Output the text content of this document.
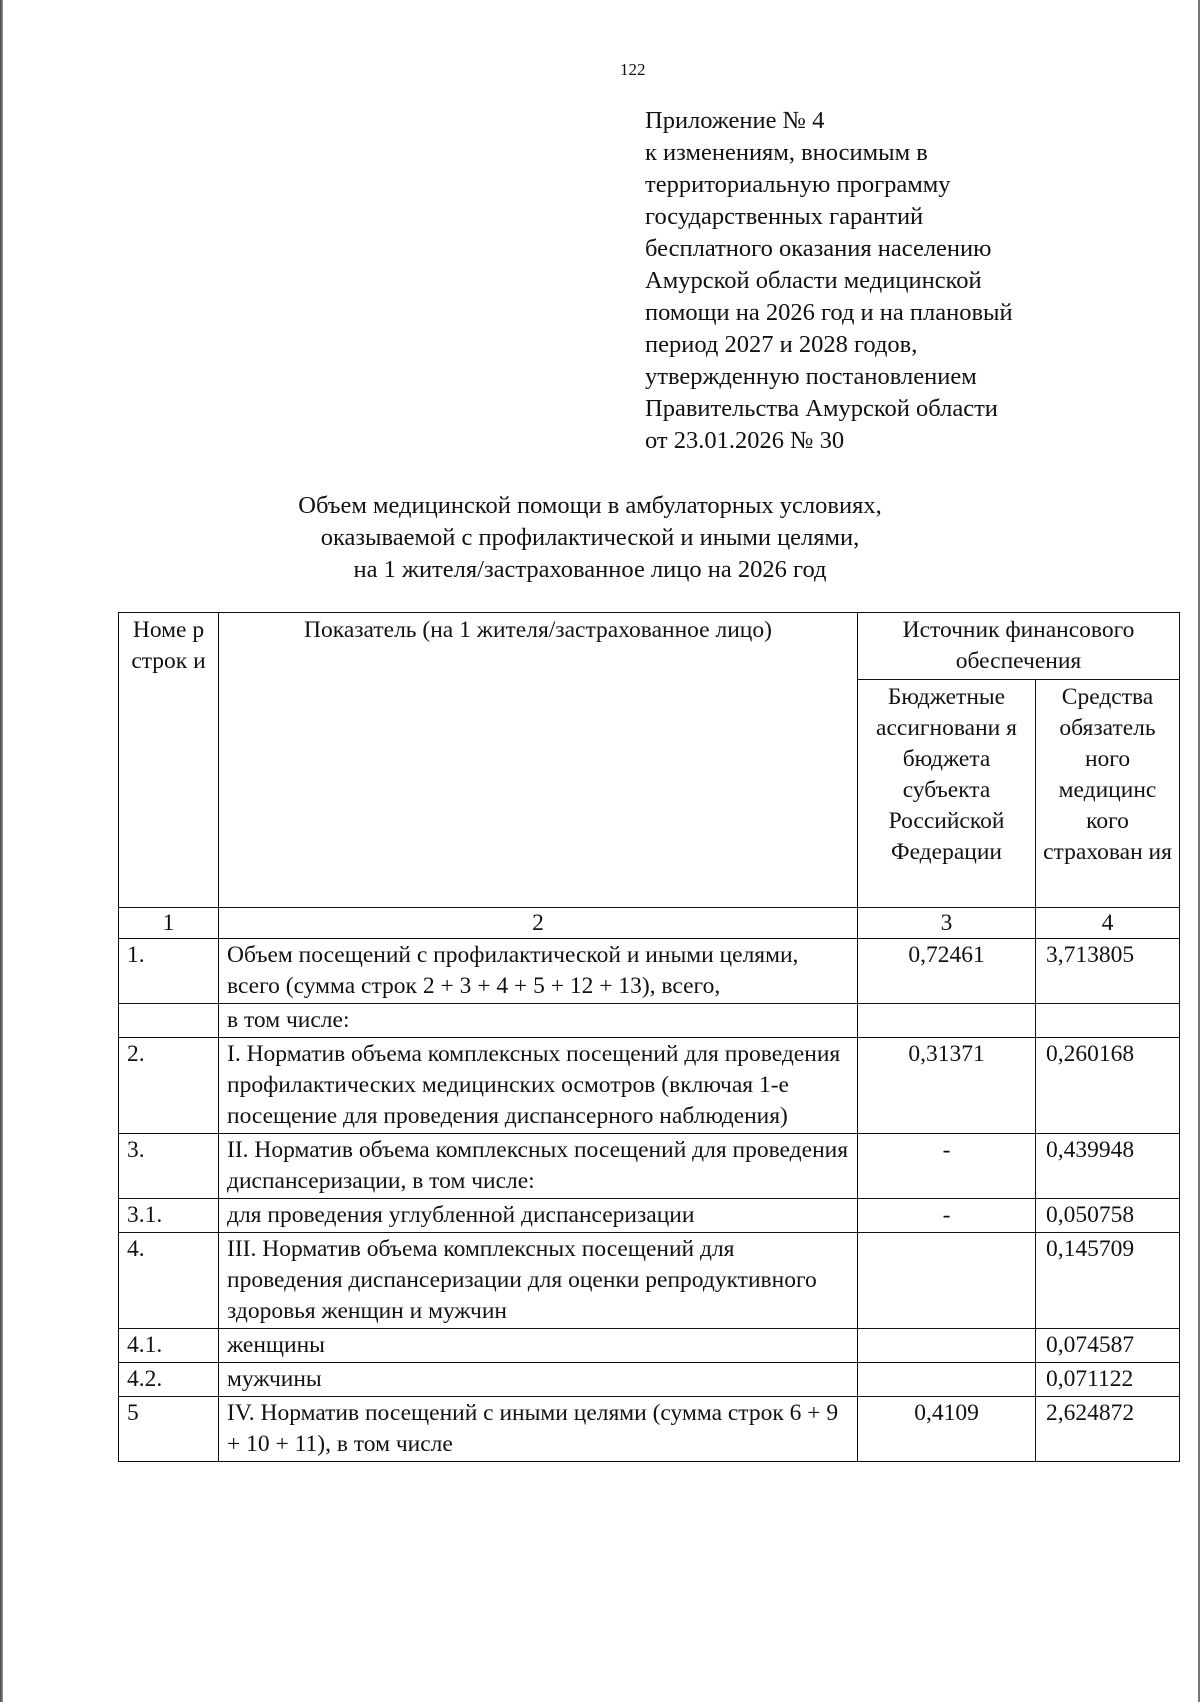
122
Приложение № 4
к изменениям, вносимым в
территориальную программу
государственных гарантий
бесплатного оказания населению
Амурской области медицинской
помощи на 2026 год и на плановый
период 2027 и 2028 годов,
утвержденную постановлением
Правительства Амурской области
от 23.01.2026 № 30
Объем медицинской помощи в амбулаторных условиях,
оказываемой с профилактической и иными целями,
на 1 жителя/застрахованное лицо на 2026 год
Номе р строк и	Показатель (на 1 жителя/застрахованное лицо)	Источник финансового обеспечения	
		Бюджетные ассигновани я бюджета субъекта Российской Федерации	Средства обязатель ного медицинс кого страхован ия
1	2	3	4
1.	Объем посещений с профилактической и иными целями, всего (сумма строк 2 + 3 + 4 + 5 + 12 + 13), всего,	0,72461	3,713805
	в том числе:		
2.	I. Норматив объема комплексных посещений для проведения профилактических медицинских осмотров (включая 1-е посещение для проведения диспансерного наблюдения)	0,31371	0,260168
3.	II. Норматив объема комплексных посещений для проведения диспансеризации, в том числе:	-	0,439948
3.1.	для проведения углубленной диспансеризации	-	0,050758
4.	III. Норматив объема комплексных посещений для проведения диспансеризации для оценки репродуктивного здоровья женщин и мужчин		0,145709
4.1.	женщины		0,074587
4.2.	мужчины		0,071122
5	IV. Норматив посещений с иными целями (сумма строк 6 + 9 + 10 + 11), в том числе	0,4109	2,624872
